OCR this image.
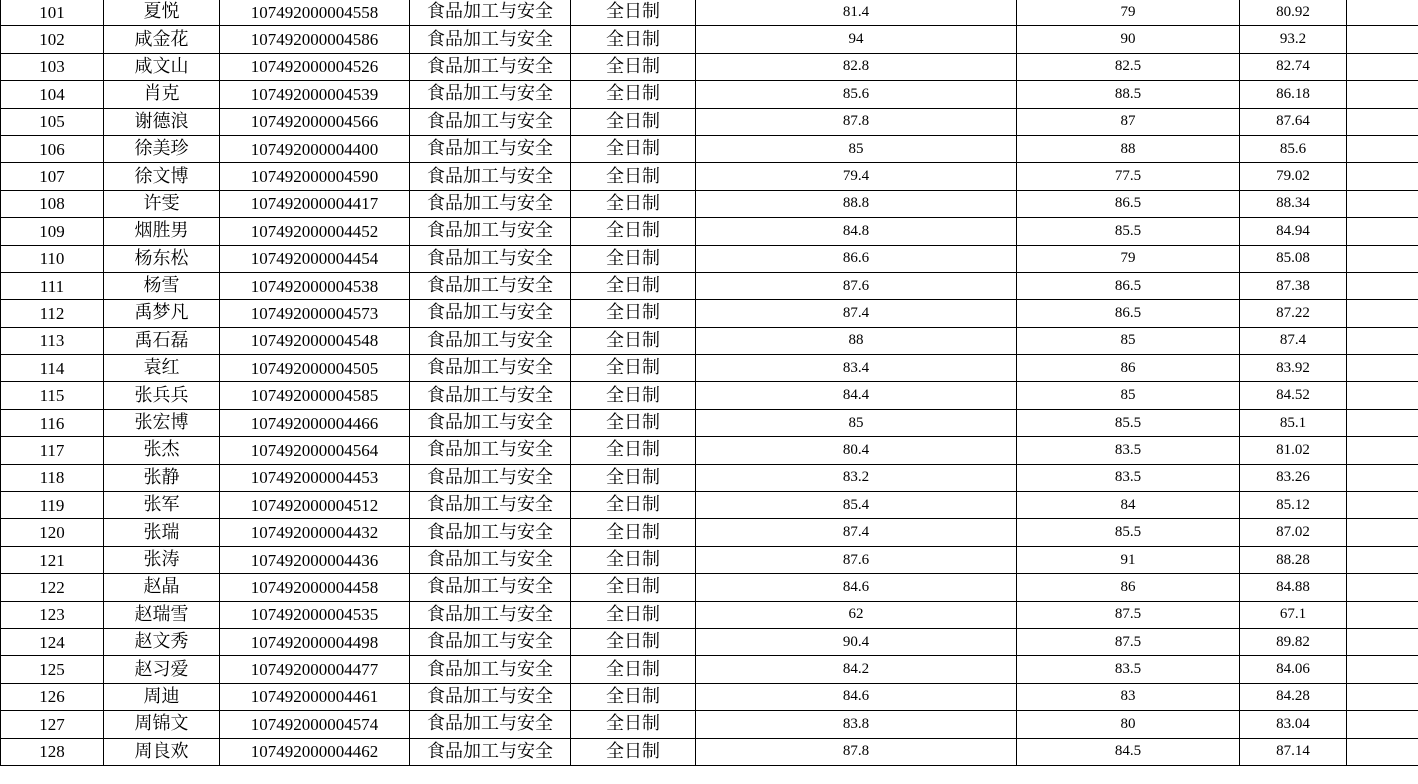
101	夏悦	107492000004558	食品加工与安全	全日制	81.4	79	80.92	
102	咸金花	107492000004586	食品加工与安全	全日制	94	90	93.2	
103	咸文山	107492000004526	食品加工与安全	全日制	82.8	82.5	82.74	
104	肖克	107492000004539	食品加工与安全	全日制	85.6	88.5	86.18	
105	谢德浪	107492000004566	食品加工与安全	全日制	87.8	87	87.64	
106	徐美珍	107492000004400	食品加工与安全	全日制	85	88	85.6	
107	徐文博	107492000004590	食品加工与安全	全日制	79.4	77.5	79.02	
108	许雯	107492000004417	食品加工与安全	全日制	88.8	86.5	88.34	
109	烟胜男	107492000004452	食品加工与安全	全日制	84.8	85.5	84.94	
110	杨东松	107492000004454	食品加工与安全	全日制	86.6	79	85.08	
111	杨雪	107492000004538	食品加工与安全	全日制	87.6	86.5	87.38	
112	禹梦凡	107492000004573	食品加工与安全	全日制	87.4	86.5	87.22	
113	禹石磊	107492000004548	食品加工与安全	全日制	88	85	87.4	
114	袁红	107492000004505	食品加工与安全	全日制	83.4	86	83.92	
115	张兵兵	107492000004585	食品加工与安全	全日制	84.4	85	84.52	
116	张宏博	107492000004466	食品加工与安全	全日制	85	85.5	85.1	
117	张杰	107492000004564	食品加工与安全	全日制	80.4	83.5	81.02	
118	张静	107492000004453	食品加工与安全	全日制	83.2	83.5	83.26	
119	张军	107492000004512	食品加工与安全	全日制	85.4	84	85.12	
120	张瑞	107492000004432	食品加工与安全	全日制	87.4	85.5	87.02	
121	张涛	107492000004436	食品加工与安全	全日制	87.6	91	88.28	
122	赵晶	107492000004458	食品加工与安全	全日制	84.6	86	84.88	
123	赵瑞雪	107492000004535	食品加工与安全	全日制	62	87.5	67.1	
124	赵文秀	107492000004498	食品加工与安全	全日制	90.4	87.5	89.82	
125	赵习爱	107492000004477	食品加工与安全	全日制	84.2	83.5	84.06	
126	周迪	107492000004461	食品加工与安全	全日制	84.6	83	84.28	
127	周锦文	107492000004574	食品加工与安全	全日制	83.8	80	83.04	
128	周良欢	107492000004462	食品加工与安全	全日制	87.8	84.5	87.14	
